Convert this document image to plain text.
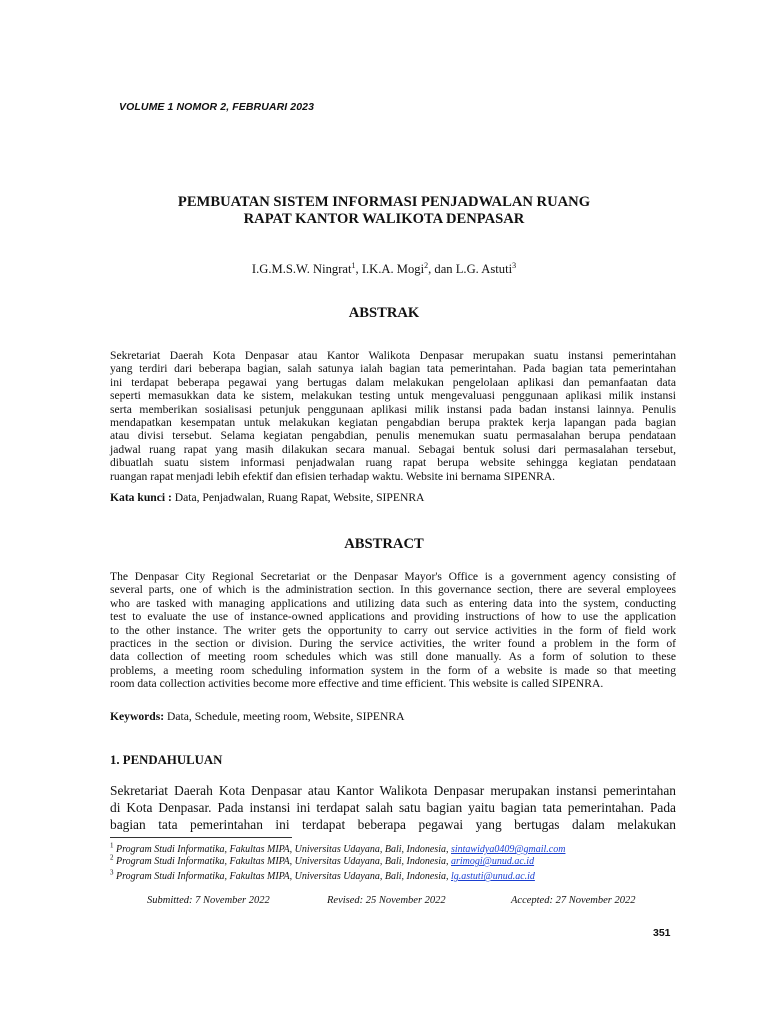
VOLUME 1 NOMOR 2, FEBRUARI 2023
PEMBUATAN SISTEM INFORMASI PENJADWALAN RUANG
RAPAT KANTOR WALIKOTA DENPASAR
I.G.M.S.W. Ningrat$^1$, I.K.A. Mogi$^2$, dan L.G. Astuti$^3$
ABSTRAK
Sekretariat Daerah Kota Denpasar atau Kantor Walikota Denpasar merupakan suatu instansi pemerintahan
yang terdiri dari beberapa bagian, salah satunya ialah bagian tata pemerintahan. Pada bagian tata pemerintahan
ini terdapat beberapa pegawai yang bertugas dalam melakukan pengelolaan aplikasi dan pemanfaatan data
seperti memasukkan data ke sistem, melakukan testing untuk mengevaluasi penggunaan aplikasi milik instansi
serta memberikan sosialisasi petunjuk penggunaan aplikasi milik instansi pada badan instansi lainnya. Penulis
mendapatkan kesempatan untuk melakukan kegiatan pengabdian berupa praktek kerja lapangan pada bagian
atau divisi tersebut. Selama kegiatan pengabdian, penulis menemukan suatu permasalahan berupa pendataan
jadwal ruang rapat yang masih dilakukan secara manual. Sebagai bentuk solusi dari permasalahan tersebut,
dibuatlah suatu sistem informasi penjadwalan ruang rapat berupa website sehingga kegiatan pendataan
ruangan rapat menjadi lebih efektif dan efisien terhadap waktu. Website ini bernama SIPENRA.
Kata kunci : Data, Penjadwalan, Ruang Rapat, Website, SIPENRA
ABSTRACT
The Denpasar City Regional Secretariat or the Denpasar Mayor's Office is a government agency consisting of
several parts, one of which is the administration section. In this governance section, there are several employees
who are tasked with managing applications and utilizing data such as entering data into the system, conducting
test to evaluate the use of instance-owned applications and providing instructions of how to use the application
to the other instance. The writer gets the opportunity to carry out service activities in the form of field work
practices in the section or division. During the service activities, the writer found a problem in the form of
data collection of meeting room schedules which was still done manually. As a form of solution to these
problems, a meeting room scheduling information system in the form of a website is made so that meeting
room data collection activities become more effective and time efficient. This website is called SIPENRA.
Keywords: Data, Schedule, meeting room, Website, SIPENRA
1. PENDAHULUAN
Sekretariat Daerah Kota Denpasar atau Kantor Walikota Denpasar merupakan instansi pemerintahan
di Kota Denpasar. Pada instansi ini terdapat salah satu bagian yaitu bagian tata pemerintahan. Pada
bagian tata pemerintahan ini terdapat beberapa pegawai yang bertugas dalam melakukan
$^1$ Program Studi Informatika, Fakultas MIPA, Universitas Udayana, Bali, Indonesia, sintawidya0409@gmail.com
$^2$ Program Studi Informatika, Fakultas MIPA, Universitas Udayana, Bali, Indonesia, arimogi@unud.ac.id
$^3$ Program Studi Informatika, Fakultas MIPA, Universitas Udayana, Bali, Indonesia, lg.astuti@unud.ac.id
Submitted: 7 November 2022	Revised: 25 November 2022	Accepted: 27 November 2022
351
